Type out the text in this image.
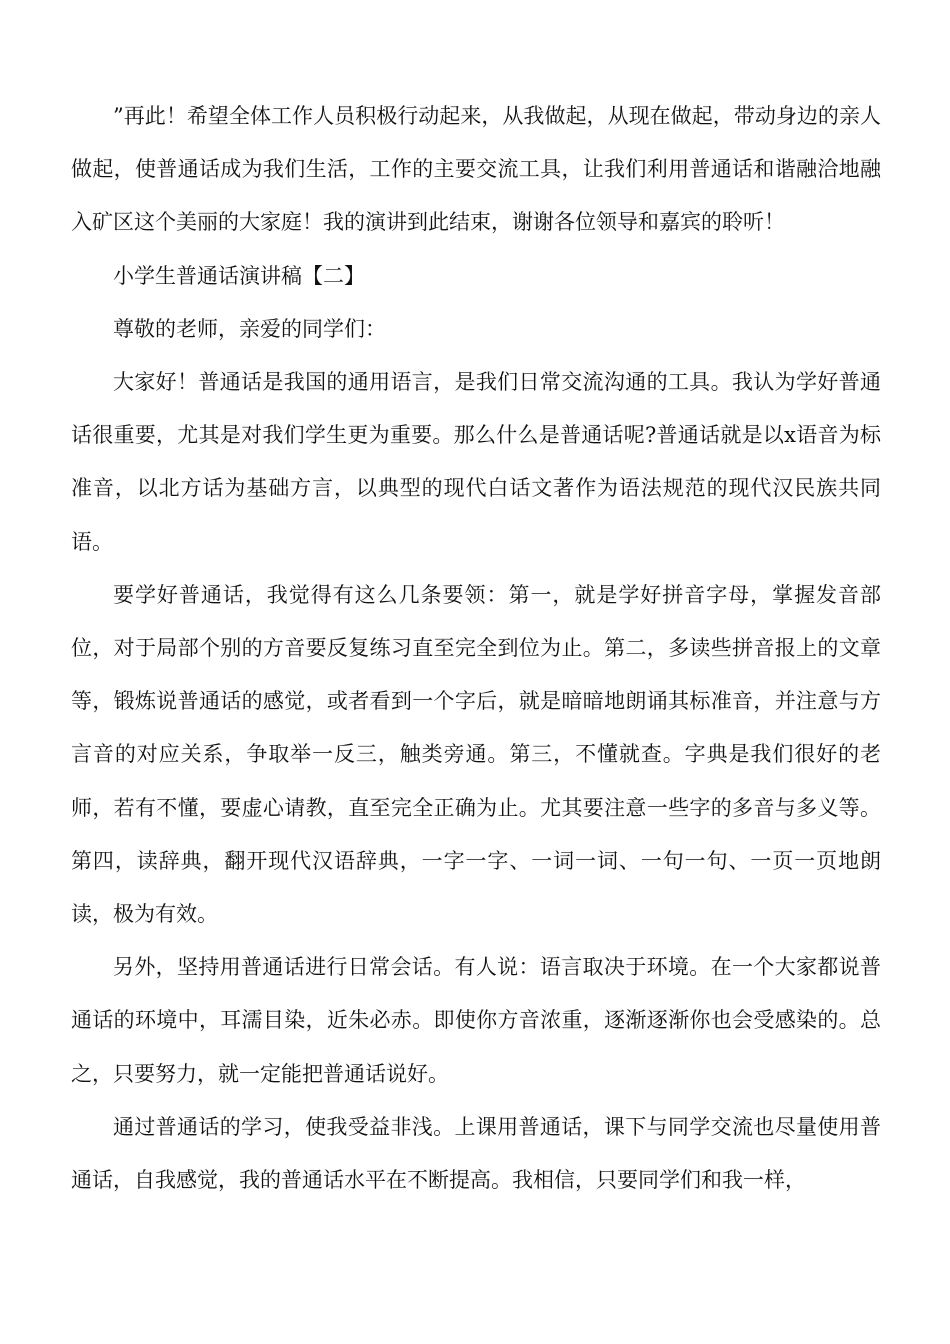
”再此！希望全体工作人员积极行动起来，从我做起，从现在做起，带动身边的亲人做起，使普通话成为我们生活，工作的主要交流工具，让我们利用普通话和谐融洽地融入矿区这个美丽的大家庭！我的演讲到此结束，谢谢各位领导和嘉宾的聆听！

小学生普通话演讲稿【二】

尊敬的老师，亲爱的同学们：

大家好！普通话是我国的通用语言，是我们日常交流沟通的工具。我认为学好普通话很重要，尤其是对我们学生更为重要。那么什么是普通话呢?普通话就是以x语音为标准音，以北方话为基础方言，以典型的现代白话文著作为语法规范的现代汉民族共同语。

要学好普通话，我觉得有这么几条要领：第一，就是学好拼音字母，掌握发音部位，对于局部个别的方音要反复练习直至完全到位为止。第二，多读些拼音报上的文章等，锻炼说普通话的感觉，或者看到一个字后，就是暗暗地朗诵其标准音，并注意与方言音的对应关系，争取举一反三，触类旁通。第三，不懂就查。字典是我们很好的老师，若有不懂，要虚心请教，直至完全正确为止。尤其要注意一些字的多音与多义等。第四，读辞典，翻开现代汉语辞典，一字一字、一词一词、一句一句、一页一页地朗读，极为有效。

另外，坚持用普通话进行日常会话。有人说：语言取决于环境。在一个大家都说普通话的环境中，耳濡目染，近朱必赤。即使你方音浓重，逐渐逐渐你也会受感染的。总之，只要努力，就一定能把普通话说好。

通过普通话的学习，使我受益非浅。上课用普通话，课下与同学交流也尽量使用普通话，自我感觉，我的普通话水平在不断提高。我相信，只要同学们和我一样，
